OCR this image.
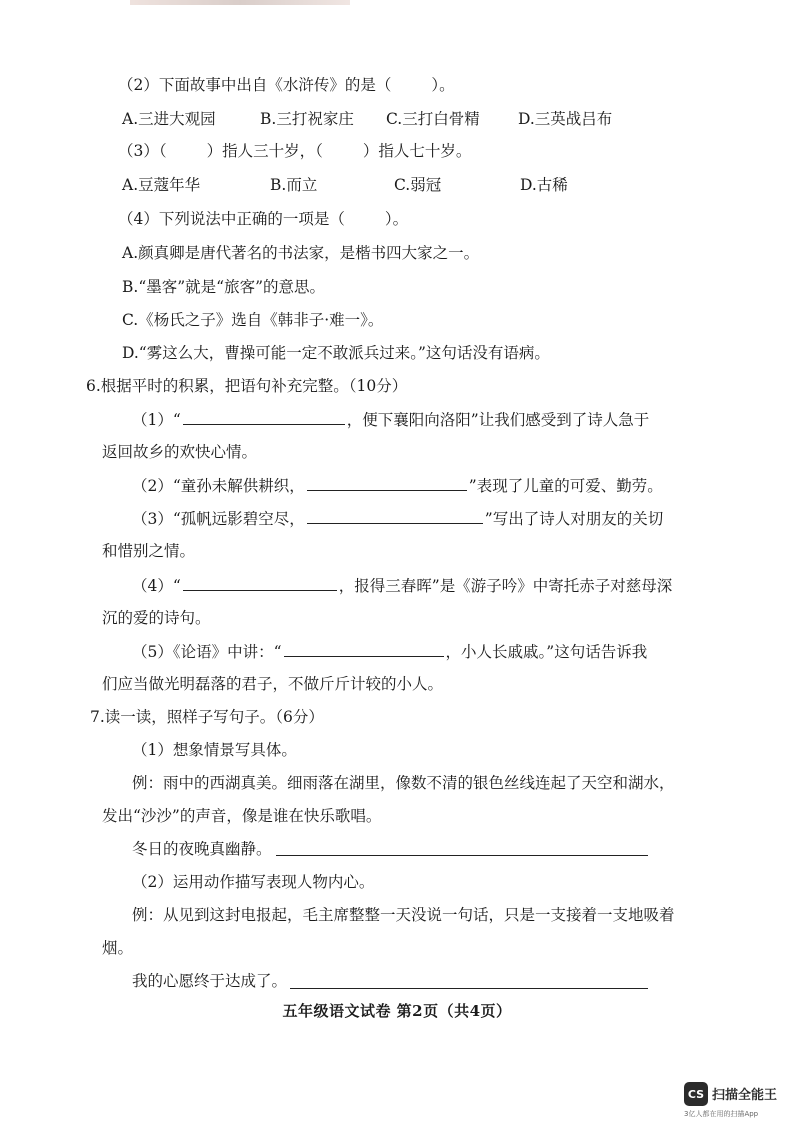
（2）下面故事中出自《水浒传》的是（	）。
A.三进大观园	B.三打祝家庄 C.三打白骨精 D.三英战吕布
（3）（	）指人三十岁，（	）指人七十岁。
A.豆蔻年华	B.而立	C.弱冠	D.古稀
（4）下列说法中正确的一项是（	）。
A.颜真卿是唐代著名的书法家，是楷书四大家之一。
B.“墨客”就是“旅客”的意思。
C.《杨氏之子》选自《韩非子·难一》。
D.“雾这么大，曹操可能一定不敢派兵过来。”这句话没有语病。
6.根据平时的积累，把语句补充完整。（10分）
（1）“	，便下襄阳向洛阳”让我们感受到了诗人急于
返回故乡的欢快心情。
（2）“童孙未解供耕织，	”表现了儿童的可爱、勤劳。
（3）“孤帆远影碧空尽，	”写出了诗人对朋友的关切
和惜别之情。
（4）“	，报得三春晖”是《游子吟》中寄托赤子对慈母深
沉的爱的诗句。
（5）《论语》中讲：“	，小人长戚戚。”这句话告诉我
们应当做光明磊落的君子，不做斤斤计较的小人。
7.读一读，照样子写句子。（6分）
（1）想象情景写具体。
例：雨中的西湖真美。细雨落在湖里，像数不清的银色丝线连起了天空和湖水，
发出“沙沙”的声音，像是谁在快乐歌唱。
冬日的夜晚真幽静。
（2）运用动作描写表现人物内心。
例：从见到这封电报起，毛主席整整一天没说一句话，只是一支接着一支地吸着
烟。
我的心愿终于达成了。
五年级语文试卷 第2页（共4页）
CS 扫描全能王
3亿人都在用的扫描App
